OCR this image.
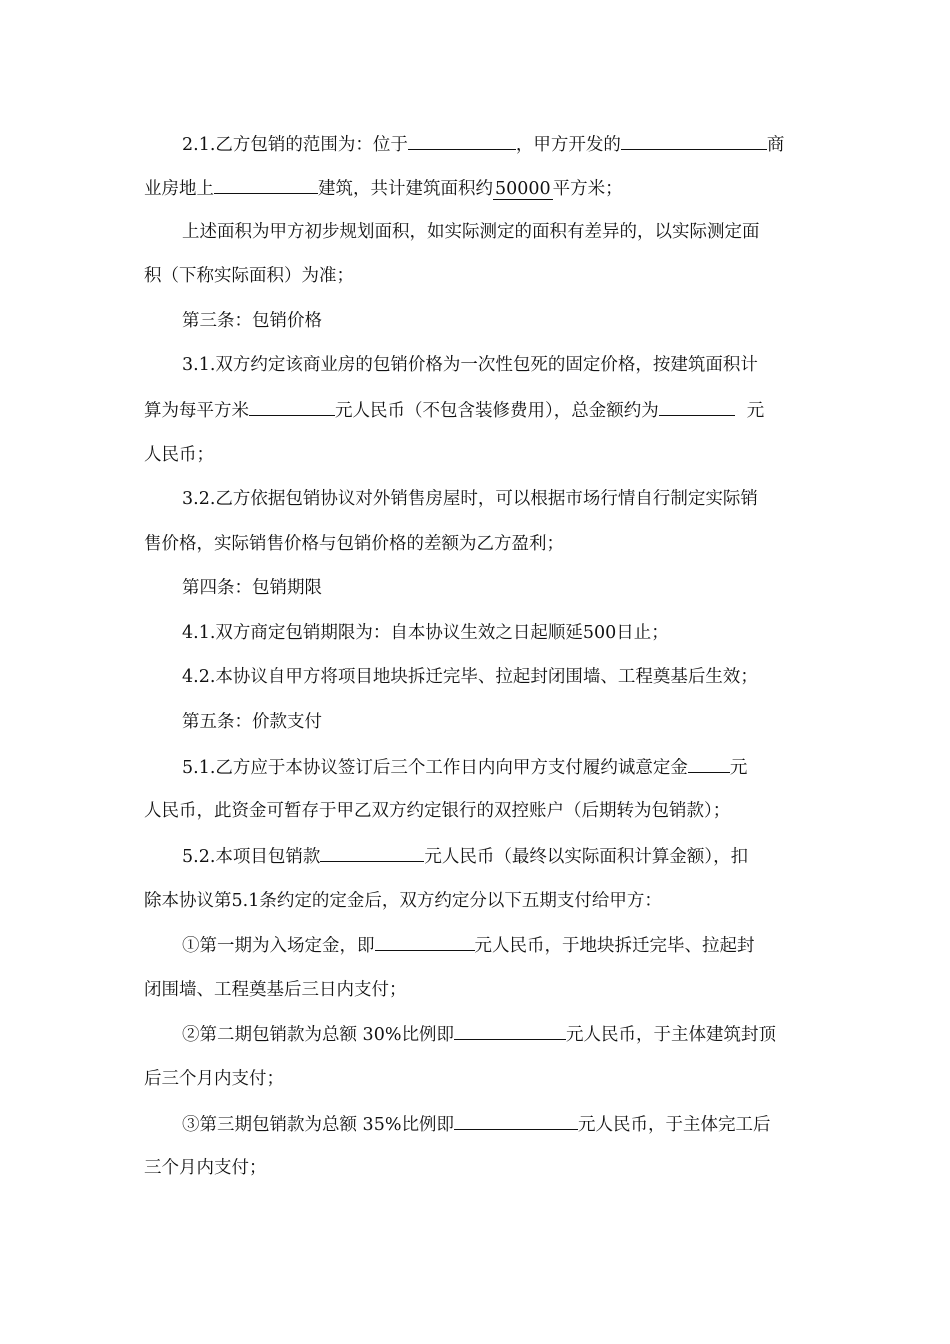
2.1.乙方包销的范围为：位于	，甲方开发的	商
业房地上	建筑，共计建筑面积约 50000 平方米；
上述面积为甲方初步规划面积，如实际测定的面积有差异的，以实际测定面
积（下称实际面积）为准；
第三条：包销价格
3.1.双方约定该商业房的包销价格为一次性包死的固定价格，按建筑面积计
算为每平方米	元人民币（不包含装修费用），总金额约为	元
人民币；
3.2.乙方依据包销协议对外销售房屋时，可以根据市场行情自行制定实际销
售价格，实际销售价格与包销价格的差额为乙方盈利；
第四条：包销期限
4.1.双方商定包销期限为：自本协议生效之日起顺延500日止；
4.2.本协议自甲方将项目地块拆迁完毕、拉起封闭围墙、工程奠基后生效；
第五条：价款支付
5.1.乙方应于本协议签订后三个工作日内向甲方支付履约诚意定金 元
人民币，此资金可暂存于甲乙双方约定银行的双控账户（后期转为包销款）；
5.2.本项目包销款	元人民币（最终以实际面积计算金额），扣
除本协议第5.1条约定的定金后，双方约定分以下五期支付给甲方：
①第一期为入场定金，即	元人民币，于地块拆迁完毕、拉起封
闭围墙、工程奠基后三日内支付；
②第二期包销款为总额 30%比例即	元人民币，于主体建筑封顶
后三个月内支付；
③第三期包销款为总额 35%比例即	元人民币，于主体完工后
三个月内支付；
